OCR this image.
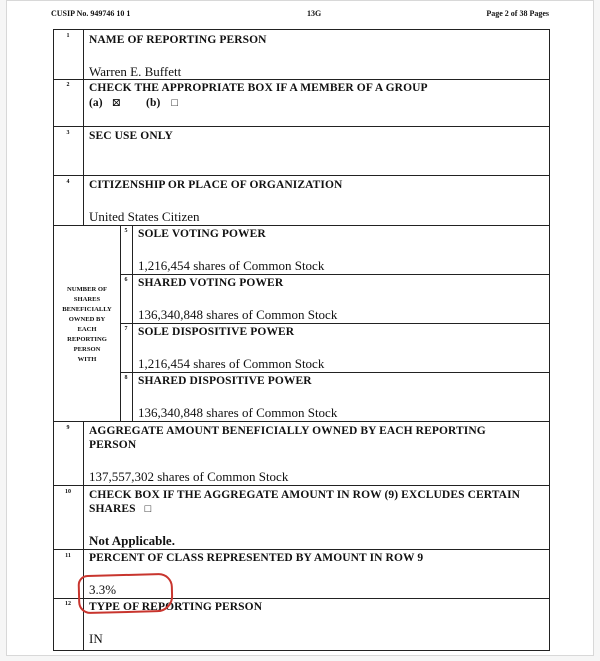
CUSIP No. 949746 10 1	13G	Page 2 of 38 Pages
1	NAME OF REPORTING PERSON
Warren E. Buffett
2	CHECK THE APPROPRIATE BOX IF A MEMBER OF A GROUP
(a) ⊠ (b) □
3	SEC USE ONLY
4	CITIZENSHIP OR PLACE OF ORGANIZATION
United States Citizen
NUMBER OF
SHARES
BENEFICIALLY
OWNED BY
EACH
REPORTING
PERSON
WITH
5 SOLE VOTING POWER
1,216,454 shares of Common Stock
6 SHARED VOTING POWER
136,340,848 shares of Common Stock
7 SOLE DISPOSITIVE POWER
1,216,454 shares of Common Stock
8 SHARED DISPOSITIVE POWER
136,340,848 shares of Common Stock
9	AGGREGATE AMOUNT BENEFICIALLY OWNED BY EACH REPORTING
PERSON
137,557,302 shares of Common Stock
10	CHECK BOX IF THE AGGREGATE AMOUNT IN ROW (9) EXCLUDES CERTAIN
SHARES □
Not Applicable.
11	PERCENT OF CLASS REPRESENTED BY AMOUNT IN ROW 9
3.3%
12	TYPE OF REPORTING PERSON
IN
